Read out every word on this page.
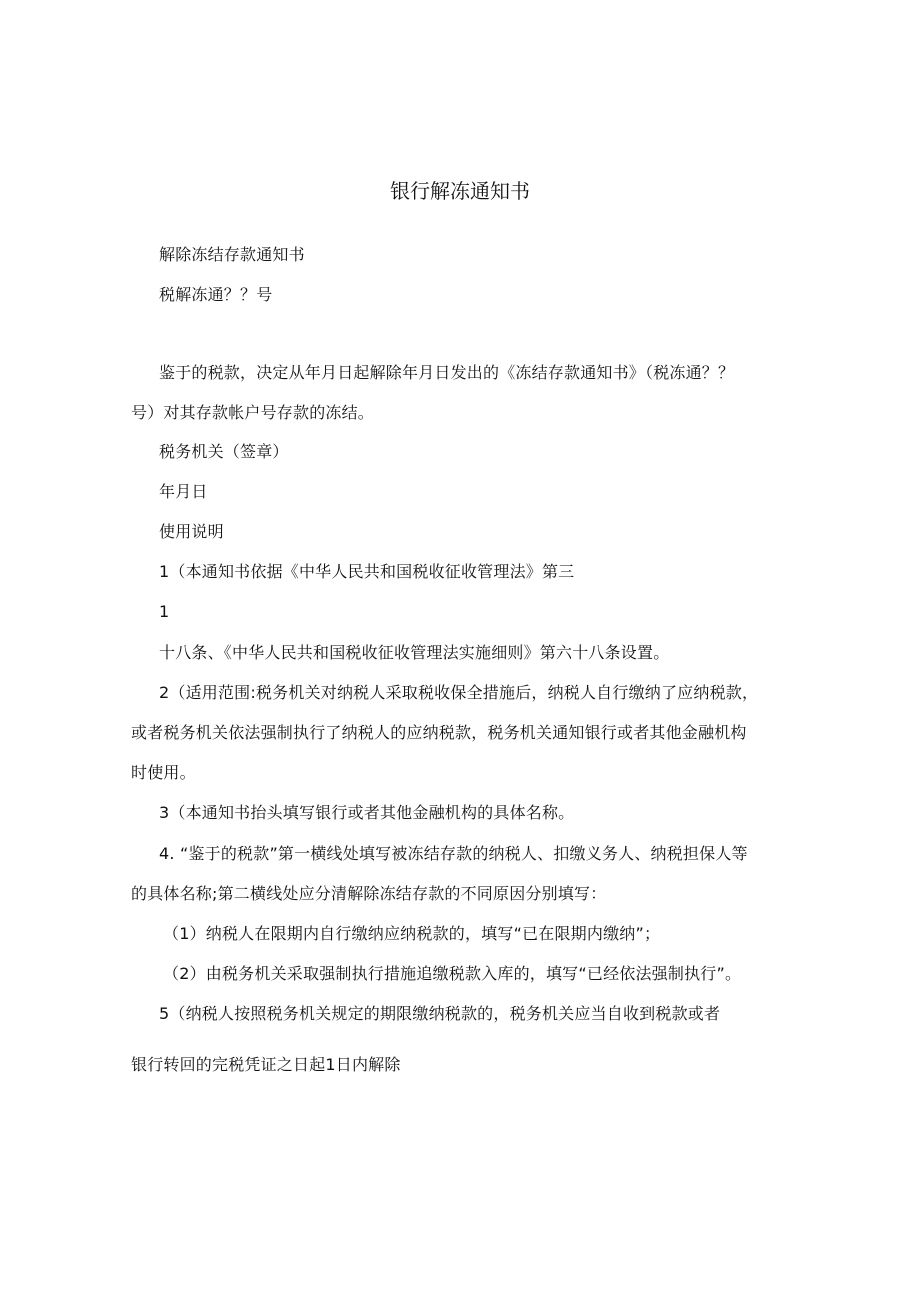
银行解冻通知书
解除冻结存款通知书
税解冻通？？号
鉴于的税款，决定从年月日起解除年月日发出的《冻结存款通知书》（税冻通？？
号）对其存款帐户号存款的冻结。
税务机关（签章）
年月日
使用说明
1（本通知书依据《中华人民共和国税收征收管理法》第三
1
十八条、《中华人民共和国税收征收管理法实施细则》第六十八条设置。
2（适用范围:税务机关对纳税人采取税收保全措施后，纳税人自行缴纳了应纳税款，
或者税务机关依法强制执行了纳税人的应纳税款，税务机关通知银行或者其他金融机构
时使用。
3（本通知书抬头填写银行或者其他金融机构的具体名称。
4. “鉴于的税款”第一横线处填写被冻结存款的纳税人、扣缴义务人、纳税担保人等
的具体名称;第二横线处应分清解除冻结存款的不同原因分别填写：
（1）纳税人在限期内自行缴纳应纳税款的，填写“已在限期内缴纳”；
（2）由税务机关采取强制执行措施追缴税款入库的，填写“已经依法强制执行”。
5（纳税人按照税务机关规定的期限缴纳税款的，税务机关应当自收到税款或者
银行转回的完税凭证之日起1日内解除
